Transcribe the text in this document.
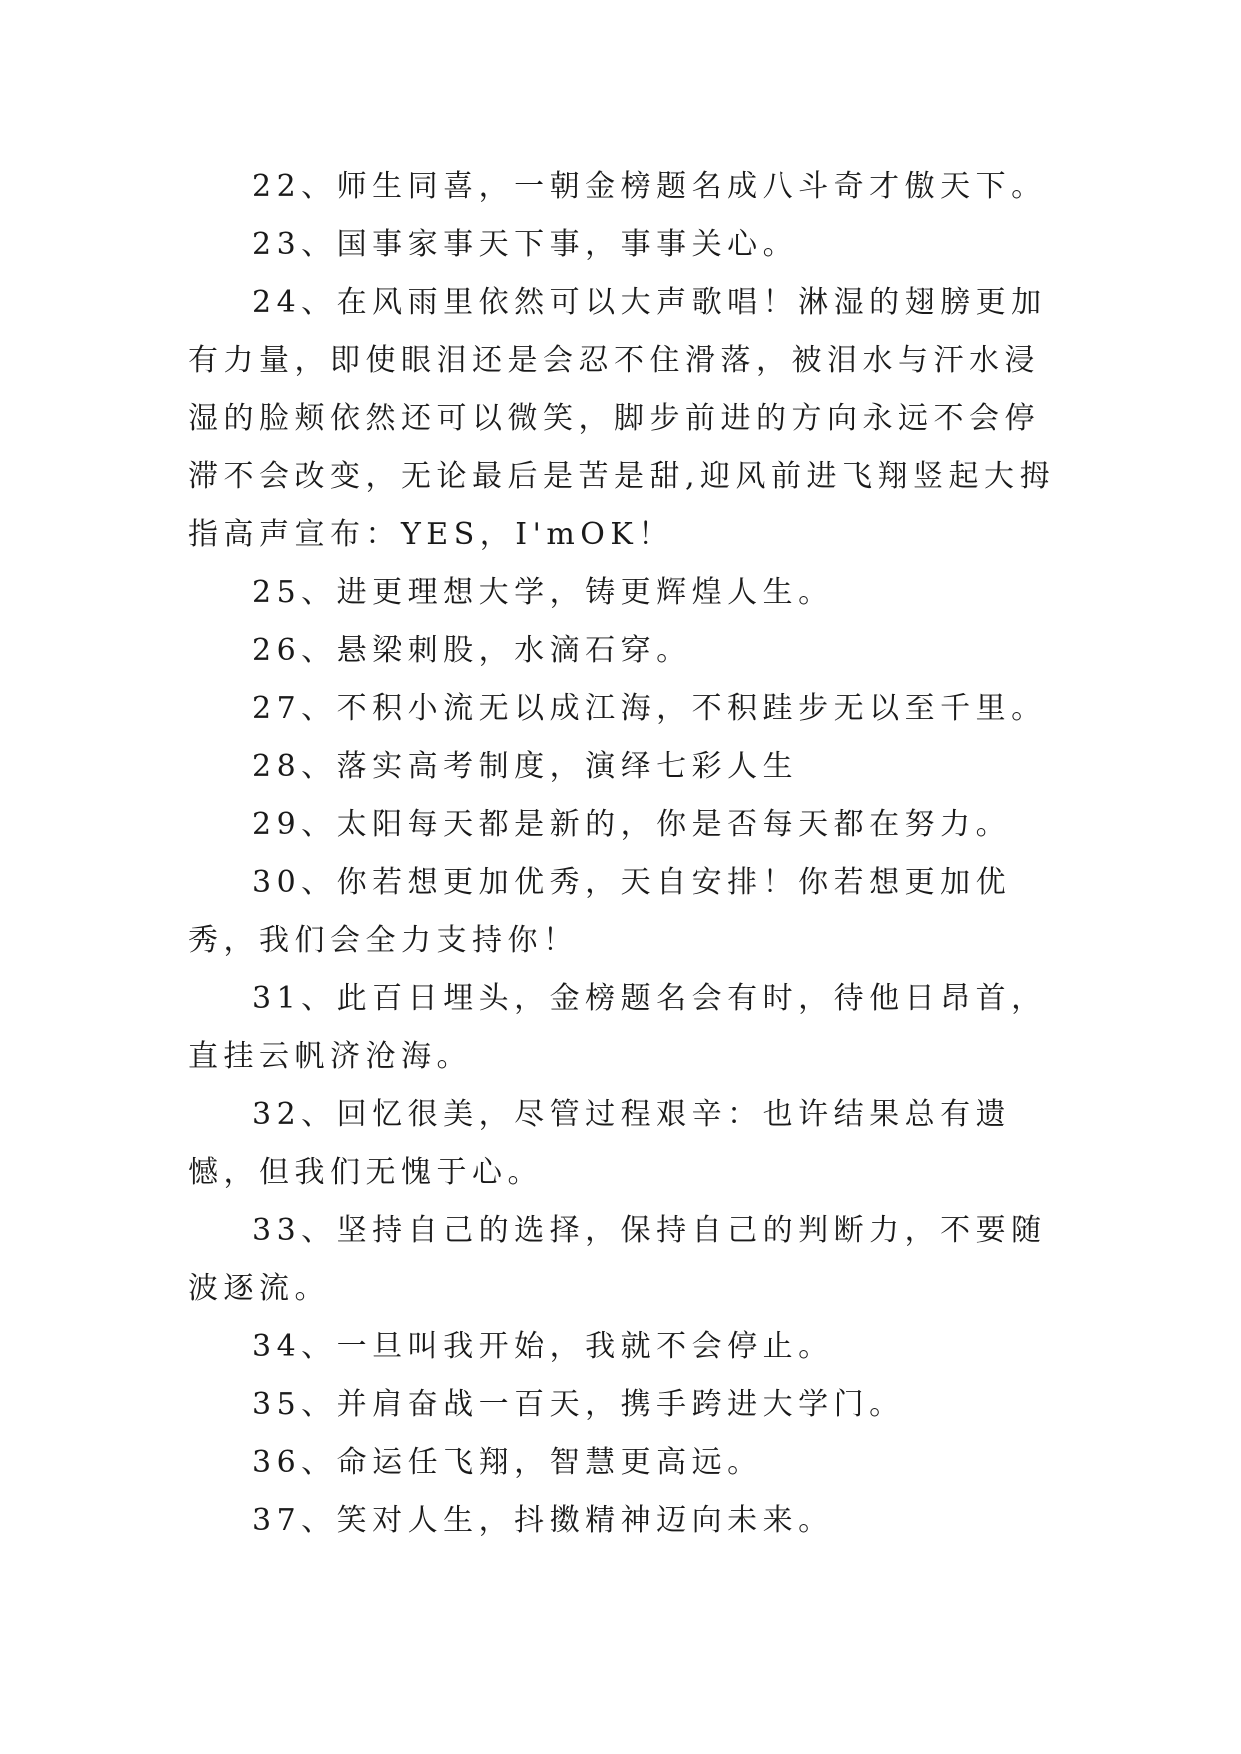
22、师生同喜，一朝金榜题名成八斗奇才傲天下。

23、国事家事天下事，事事关心。

24、在风雨里依然可以大声歌唱！淋湿的翅膀更加有力量，即使眼泪还是会忍不住滑落，被泪水与汗水浸湿的脸颊依然还可以微笑，脚步前进的方向永远不会停滞不会改变，无论最后是苦是甜,迎风前进飞翔竖起大拇指高声宣布：YES，I'mOK！

25、进更理想大学，铸更辉煌人生。

26、悬梁刺股，水滴石穿。

27、不积小流无以成江海，不积跬步无以至千里。

28、落实高考制度，演绎七彩人生

29、太阳每天都是新的，你是否每天都在努力。

30、你若想更加优秀，天自安排！你若想更加优秀，我们会全力支持你！

31、此百日埋头，金榜题名会有时，待他日昂首，直挂云帆济沧海。

32、回忆很美，尽管过程艰辛：也许结果总有遗憾，但我们无愧于心。

33、坚持自己的选择，保持自己的判断力，不要随波逐流。

34、一旦叫我开始，我就不会停止。

35、并肩奋战一百天，携手跨进大学门。

36、命运任飞翔，智慧更高远。

37、笑对人生，抖擞精神迈向未来。
